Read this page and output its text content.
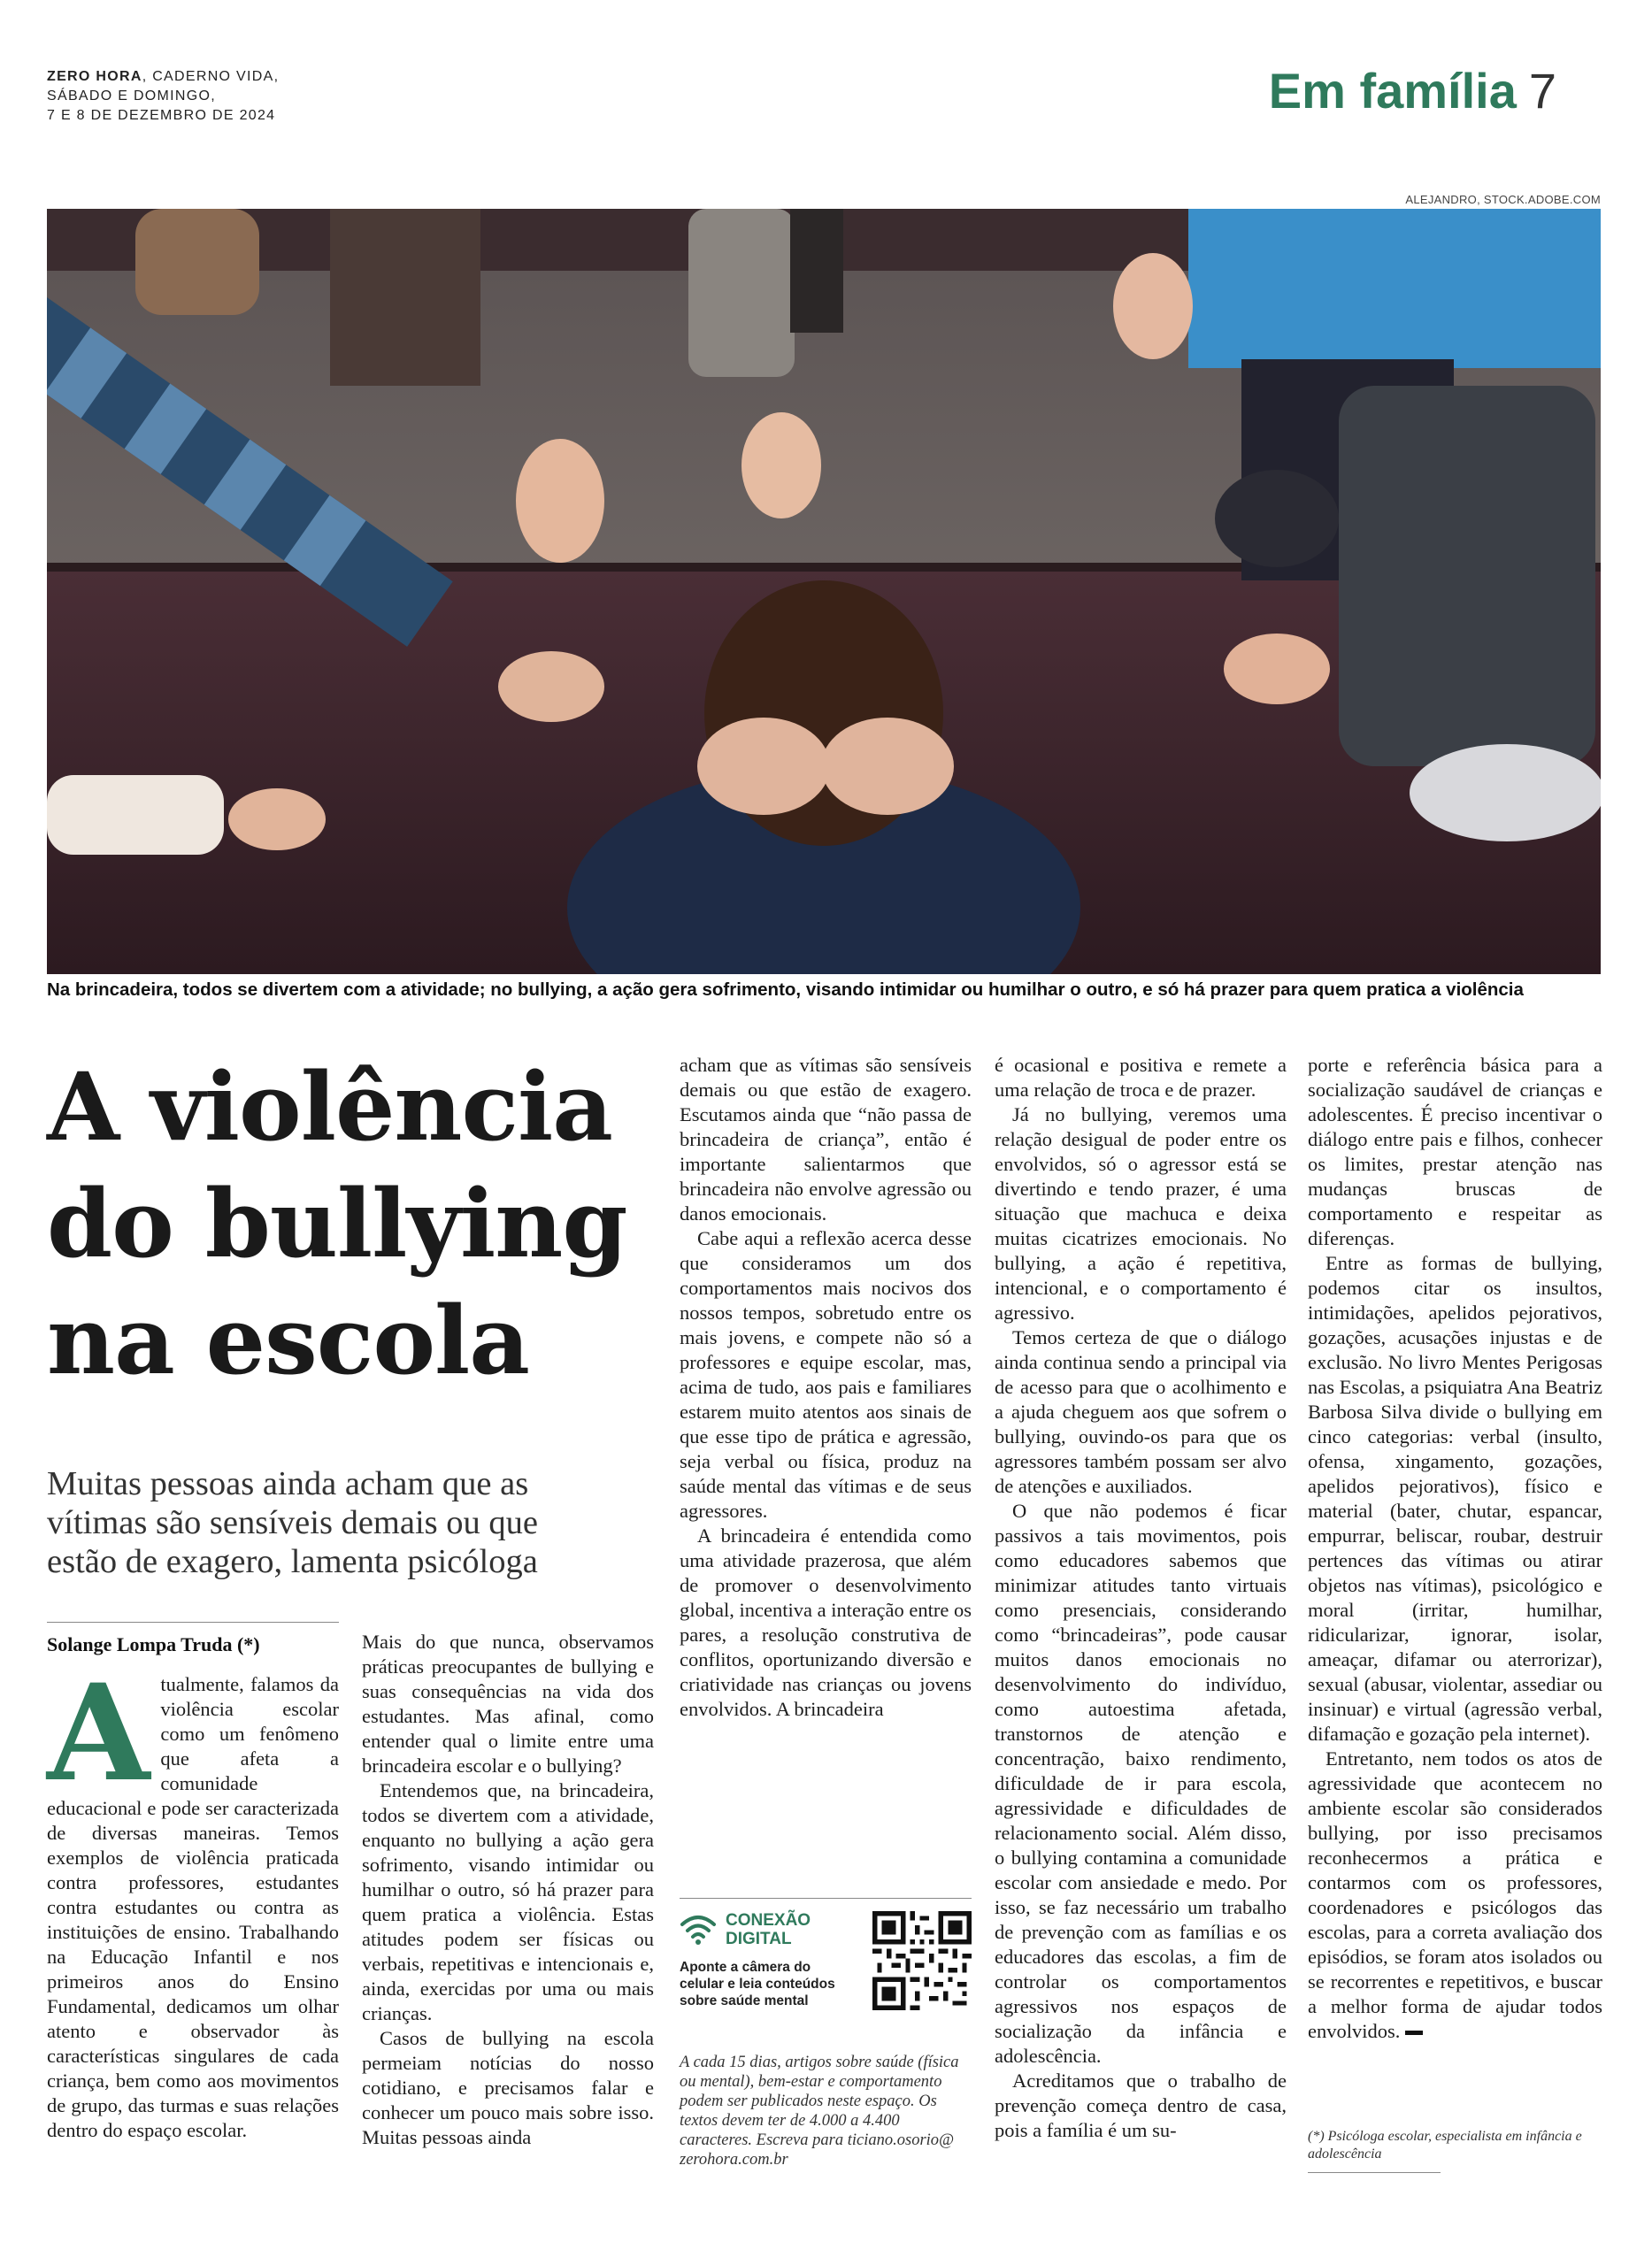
ZERO HORA, CADERNO VIDA,
SÁBADO E DOMINGO,
7 E 8 DE DEZEMBRO DE 2024	Em família 7
ALEJANDRO, STOCK.ADOBE.COM
Na brincadeira, todos se divertem com a atividade; no bullying, a ação gera sofrimento, visando intimidar ou humilhar o outro, e só há prazer para quem pratica a violência
A violência
do bullying
na escola
Muitas pessoas ainda acham que as vítimas são sensíveis demais ou que estão de exagero, lamenta psicóloga
Solange Lompa Truda (*)

Atualmente, falamos da violência escolar como um fenômeno que afeta a comunidade educacional e pode ser caracterizada de diversas maneiras. Temos exemplos de violência praticada contra professores, estudantes contra estudantes ou contra as instituições de ensino. Trabalhando na Educação Infantil e nos primeiros anos do Ensino Fundamental, dedicamos um olhar atento e observador às características singulares de cada criança, bem como aos movimentos de grupo, das turmas e suas relações dentro do espaço escolar.

Mais do que nunca, observamos práticas preocupantes de bullying e suas consequências na vida dos estudantes. Mas afinal, como entender qual o limite entre uma brincadeira escolar e o bullying?

Entendemos que, na brincadeira, todos se divertem com a atividade, enquanto no bullying a ação gera sofrimento, visando intimidar ou humilhar o outro, só há prazer para quem pratica a violência. Estas atitudes podem ser físicas ou verbais, repetitivas e intencionais e, ainda, exercidas por uma ou mais crianças.

Casos de bullying na escola permeiam notícias do nosso cotidiano, e precisamos falar e conhecer um pouco mais sobre isso. Muitas pessoas ainda

acham que as vítimas são sensíveis demais ou que estão de exagero. Escutamos ainda que “não passa de brincadeira de criança”, então é importante salientarmos que brincadeira não envolve agressão ou danos emocionais.

Cabe aqui a reflexão acerca desse que consideramos um dos comportamentos mais nocivos dos nossos tempos, sobretudo entre os mais jovens, e compete não só a professores e equipe escolar, mas, acima de tudo, aos pais e familiares estarem muito atentos aos sinais de que esse tipo de prática e agressão, seja verbal ou física, produz na saúde mental das vítimas e de seus agressores.

A brincadeira é entendida como uma atividade prazerosa, que além de promover o desenvolvimento global, incentiva a interação entre os pares, a resolução construtiva de conflitos, oportunizando diversão e criatividade nas crianças ou jovens envolvidos. A brincadeira

CONEXÃO
DIGITAL
Aponte a câmera do celular e leia conteúdos sobre saúde mental
A cada 15 dias, artigos sobre saúde (física ou mental), bem-estar e comportamento podem ser publicados neste espaço. Os textos devem ter de 4.000 a 4.400 caracteres. Escreva para ticiano.osorio@ zerohora.com.br

é ocasional e positiva e remete a uma relação de troca e de prazer.

Já no bullying, veremos uma relação desigual de poder entre os envolvidos, só o agressor está se divertindo e tendo prazer, é uma situação que machuca e deixa muitas cicatrizes emocionais. No bullying, a ação é repetitiva, intencional, e o comportamento é agressivo.

Temos certeza de que o diálogo ainda continua sendo a principal via de acesso para que o acolhimento e a ajuda cheguem aos que sofrem o bullying, ouvindo-os para que os agressores também possam ser alvo de atenções e auxiliados.

O que não podemos é ficar passivos a tais movimentos, pois como educadores sabemos que minimizar atitudes tanto virtuais como presenciais, considerando como “brincadeiras”, pode causar muitos danos emocionais no desenvolvimento do indivíduo, como autoestima afetada, transtornos de atenção e concentração, baixo rendimento, dificuldade de ir para escola, agressividade e dificuldades de relacionamento social. Além disso, o bullying contamina a comunidade escolar com ansiedade e medo. Por isso, se faz necessário um trabalho de prevenção com as famílias e os educadores das escolas, a fim de controlar os comportamentos agressivos nos espaços de socialização da infância e adolescência.

Acreditamos que o trabalho de prevenção começa dentro de casa, pois a família é um su-

porte e referência básica para a socialização saudável de crianças e adolescentes. É preciso incentivar o diálogo entre pais e filhos, conhecer os limites, prestar atenção nas mudanças bruscas de comportamento e respeitar as diferenças.

Entre as formas de bullying, podemos citar os insultos, intimidações, apelidos pejorativos, gozações, acusações injustas e de exclusão. No livro Mentes Perigosas nas Escolas, a psiquiatra Ana Beatriz Barbosa Silva divide o bullying em cinco categorias: verbal (insulto, ofensa, xingamento, gozações, apelidos pejorativos), físico e material (bater, chutar, espancar, empurrar, beliscar, roubar, destruir pertences das vítimas ou atirar objetos nas vítimas), psicológico e moral (irritar, humilhar, ridicularizar, ignorar, isolar, ameaçar, difamar ou aterrorizar), sexual (abusar, violentar, assediar ou insinuar) e virtual (agressão verbal, difamação e gozação pela internet).

Entretanto, nem todos os atos de agressividade que acontecem no ambiente escolar são considerados bullying, por isso precisamos reconhecermos a prática e contarmos com os professores, coordenadores e psicólogos das escolas, para a correta avaliação dos episódios, se foram atos isolados ou se recorrentes e repetitivos, e buscar a melhor forma de ajudar todos envolvidos.

(*) Psicóloga escolar, especialista em infância e adolescência
